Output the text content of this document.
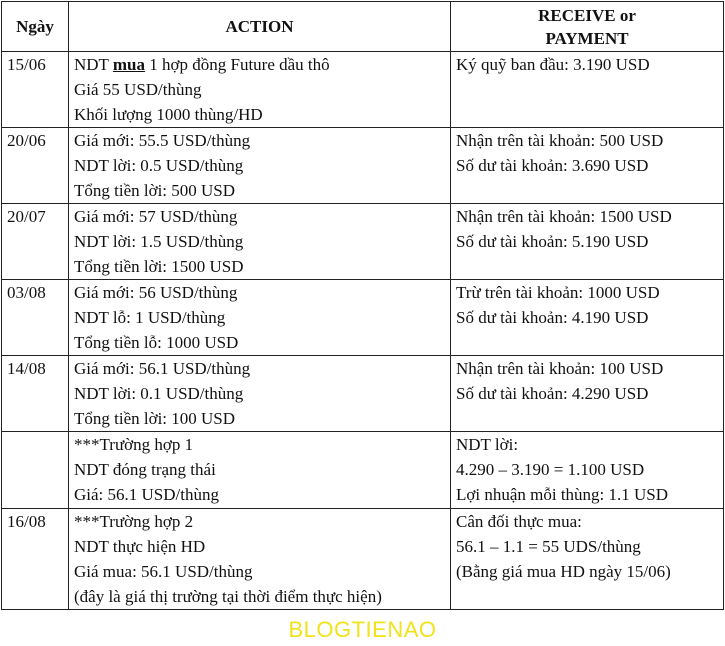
Ngày	ACTION	RECEIVE or
PAYMENT

15/06	NDT mua 1 hợp đồng Future dầu thô
Giá 55 USD/thùng
Khối lượng 1000 thùng/HD	Ký quỹ ban đầu: 3.190 USD

20/06	Giá mới: 55.5 USD/thùng
NDT lời: 0.5 USD/thùng
Tổng tiền lời: 500 USD	Nhận trên tài khoản: 500 USD
Số dư tài khoản: 3.690 USD

20/07	Giá mới: 57 USD/thùng
NDT lời: 1.5 USD/thùng
Tổng tiền lời: 1500 USD	Nhận trên tài khoản: 1500 USD
Số dư tài khoản: 5.190 USD

03/08	Giá mới: 56 USD/thùng
NDT lỗ: 1 USD/thùng
Tổng tiền lỗ: 1000 USD	Trừ trên tài khoản: 1000 USD
Số dư tài khoản: 4.190 USD

14/08	Giá mới: 56.1 USD/thùng
NDT lời: 0.1 USD/thùng
Tổng tiền lời: 100 USD	Nhận trên tài khoản: 100 USD
Số dư tài khoản: 4.290 USD

	***Trường hợp 1
NDT đóng trạng thái
Giá: 56.1 USD/thùng	NDT lời:
4.290 – 3.190 = 1.100 USD
Lợi nhuận mỗi thùng: 1.1 USD

16/08	***Trường hợp 2
NDT thực hiện HD
Giá mua: 56.1 USD/thùng
(đây là giá thị trường tại thời điểm thực hiện)	Cân đối thực mua:
56.1 – 1.1 = 55 UDS/thùng
(Bằng giá mua HD ngày 15/06)
BLOGTIENAO
